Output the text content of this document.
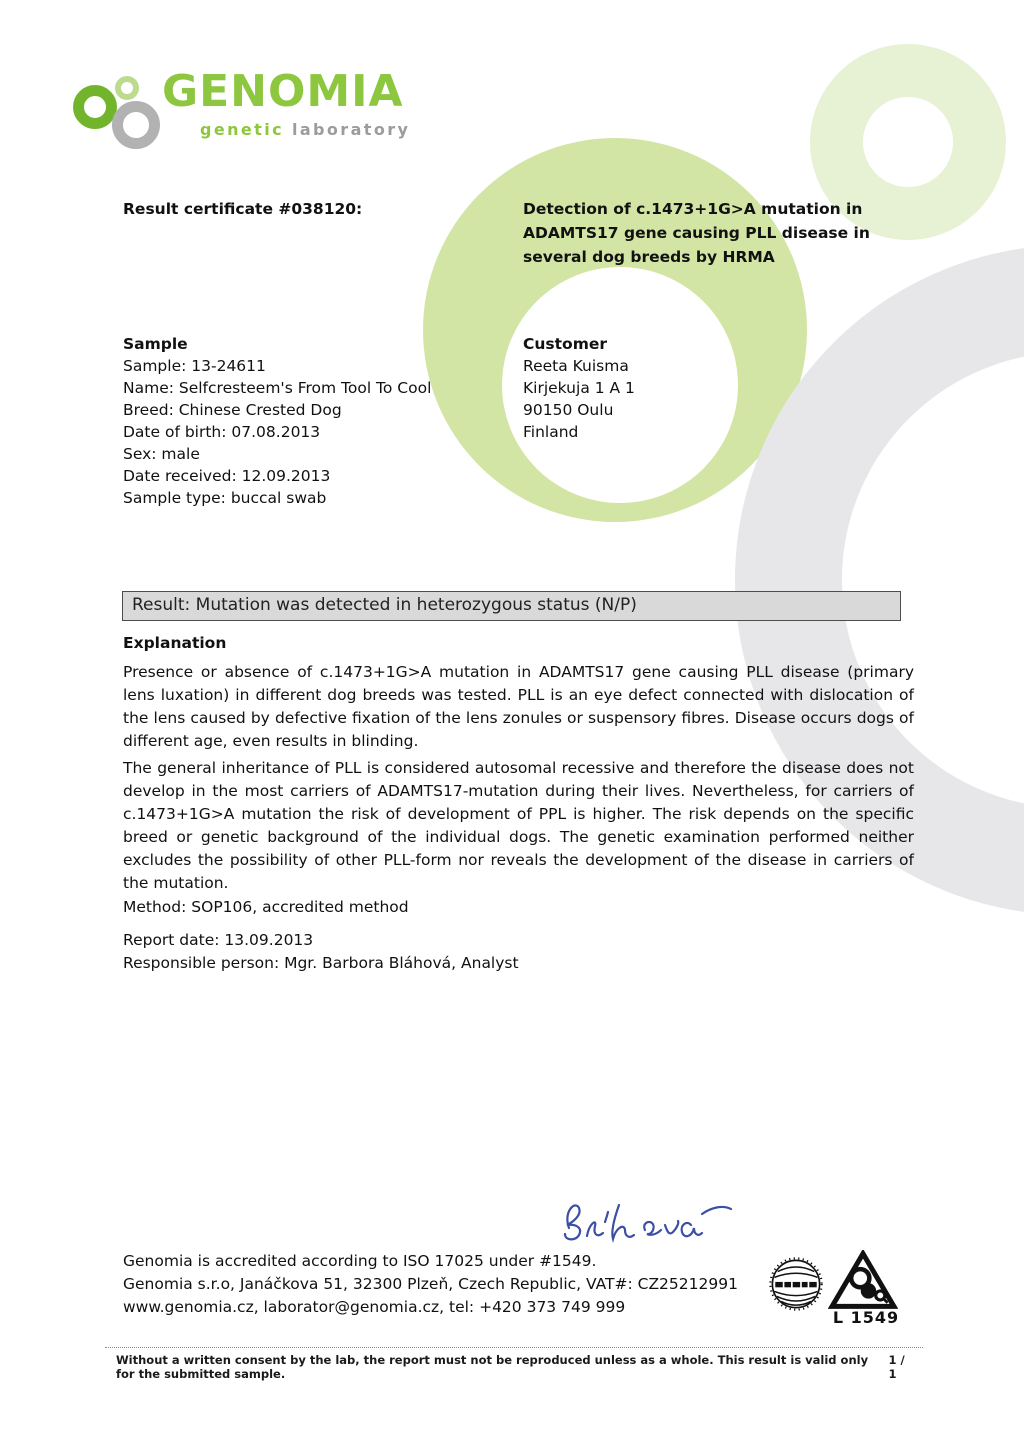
GENOMIA
genetic laboratory
Result certificate #038120:	Detection of c.1473+1G>A mutation in
ADAMTS17 gene causing PLL disease in
several dog breeds by HRMA
Sample
Sample: 13-24611
Name: Selfcresteem's From Tool To Cool
Breed: Chinese Crested Dog
Date of birth: 07.08.2013
Sex: male
Date received: 12.09.2013
Sample type: buccal swab
Customer
Reeta Kuisma
Kirjekuja 1 A 1
90150 Oulu
Finland
Result: Mutation was detected in heterozygous status (N/P)
Explanation

Presence or absence of c.1473+1G>A mutation in ADAMTS17 gene causing PLL disease (primary lens luxation) in different dog breeds was tested. PLL is an eye defect connected with dislocation of the lens caused by defective fixation of the lens zonules or suspensory fibres. Disease occurs dogs of different age, even results in blinding.

The general inheritance of PLL is considered autosomal recessive and therefore the disease does not develop in the most carriers of ADAMTS17-mutation during their lives. Nevertheless, for carriers of c.1473+1G>A mutation the risk of development of PPL is higher. The risk depends on the specific breed or genetic background of the individual dogs. The genetic examination performed neither excludes the possibility of other PLL-form nor reveals the development of the disease in carriers of the mutation.

Method: SOP106, accredited method
Report date: 13.09.2013
Responsible person: Mgr. Barbora Bláhová, Analyst
Genomia is accredited according to ISO 17025 under #1549.
Genomia s.r.o, Janáčkova 51, 32300 Plzeň, Czech Republic, VAT#: CZ25212991
www.genomia.cz, laborator@genomia.cz, tel: +420 373 749 999
L 1549
Without a written consent by the lab, the report must not be reproduced unless as a whole. This result is valid only for the submitted sample.
1 / 1
